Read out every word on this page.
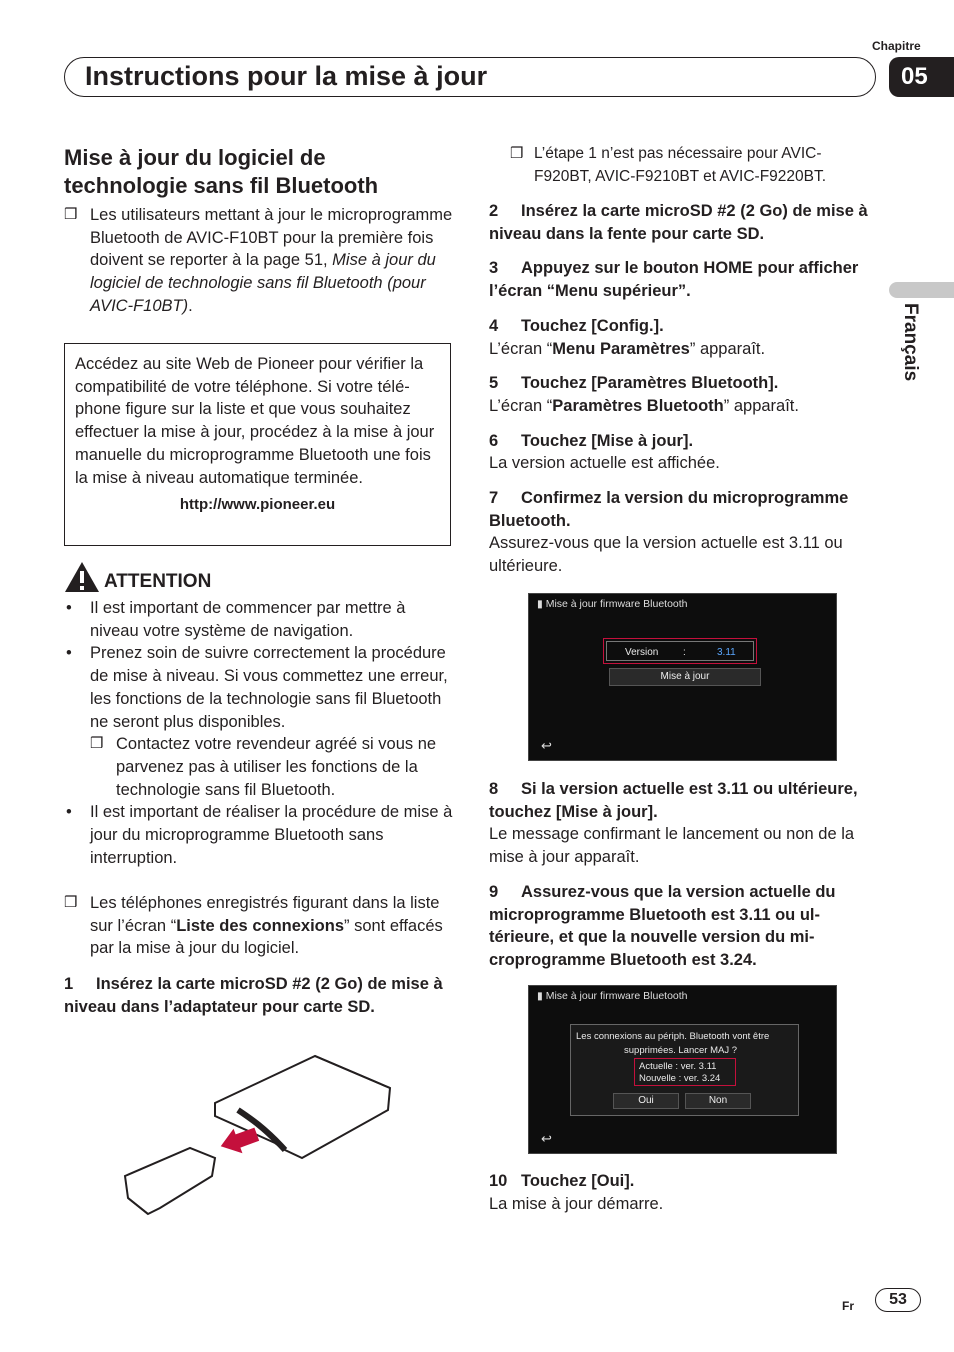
Chapitre
Instructions pour la mise à jour	05
Français
Mise à jour du logiciel de technologie sans fil Bluetooth
❒ Les utilisateurs mettant à jour le microprogramme Bluetooth de AVIC-F10BT pour la première fois doivent se reporter à la page 51, Mise à jour du logiciel de technologie sans fil Bluetooth (pour AVIC-F10BT).
Accédez au site Web de Pioneer pour vérifier la compatibilité de votre téléphone. Si votre téléphone figure sur la liste et que vous souhaitez effectuer la mise à jour, procédez à la mise à jour manuelle du microprogramme Bluetooth une fois la mise à niveau automatique terminée.
http://www.pioneer.eu
ATTENTION
• Il est important de commencer par mettre à niveau votre système de navigation.
• Prenez soin de suivre correctement la procédure de mise à niveau. Si vous commettez une erreur, les fonctions de la technologie sans fil Bluetooth ne seront plus disponibles.
❒ Contactez votre revendeur agréé si vous ne parvenez pas à utiliser les fonctions de la technologie sans fil Bluetooth.
• Il est important de réaliser la procédure de mise à jour du microprogramme Bluetooth sans interruption.
❒ Les téléphones enregistrés figurant dans la liste sur l’écran “Liste des connexions” sont effacés par la mise à jour du logiciel.
1 Insérez la carte microSD #2 (2 Go) de mise à niveau dans l’adaptateur pour carte SD.
❒ L’étape 1 n’est pas nécessaire pour AVIC-F920BT, AVIC-F9210BT et AVIC-F9220BT.
2 Insérez la carte microSD #2 (2 Go) de mise à niveau dans la fente pour carte SD.
3 Appuyez sur le bouton HOME pour afficher l’écran “Menu supérieur”.
4 Touchez [Config.].
L’écran “Menu Paramètres” apparaît.
5 Touchez [Paramètres Bluetooth].
L’écran “Paramètres Bluetooth” apparaît.
6 Touchez [Mise à jour].
La version actuelle est affichée.
7 Confirmez la version du microprogramme Bluetooth.
Assurez-vous que la version actuelle est 3.11 ou ultérieure.
▮ Mise à jour firmware Bluetooth
Version :	3.11
Mise à jour
↩
8 Si la version actuelle est 3.11 ou ultérieure, touchez [Mise à jour].
Le message confirmant le lancement ou non de la mise à jour apparaît.
9 Assurez-vous que la version actuelle du microprogramme Bluetooth est 3.11 ou ultérieure, et que la nouvelle version du microprogramme Bluetooth est 3.24.
▮ Mise à jour firmware Bluetooth
Les connexions au périph. Bluetooth vont être
supprimées. Lancer MAJ ?
Actuelle : ver. 3.11
Nouvelle : ver. 3.24
Oui	Non
↩
10 Touchez [Oui].
La mise à jour démarre.
Fr	53
